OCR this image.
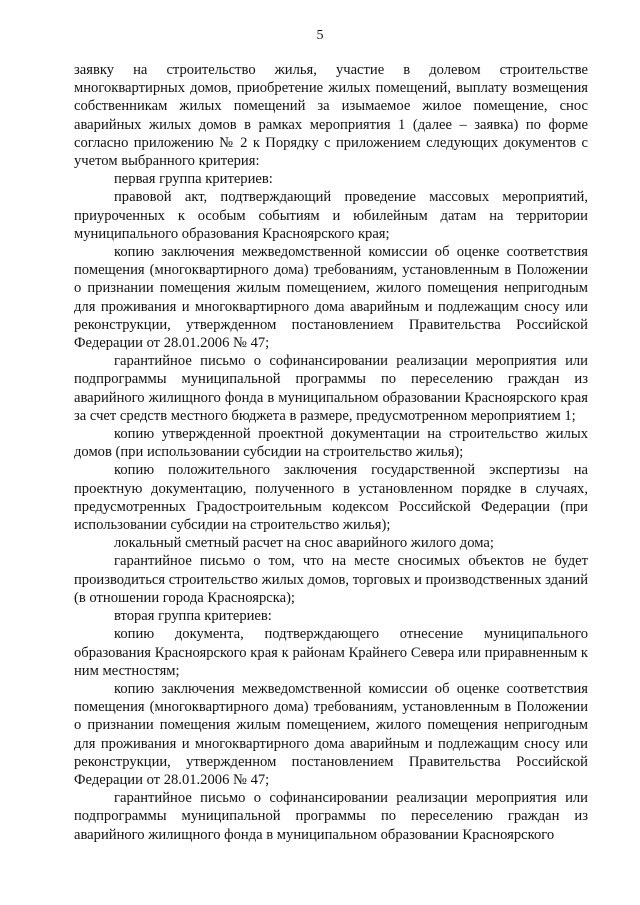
5

заявку на строительство жилья, участие в долевом строительстве многоквартирных домов, приобретение жилых помещений, выплату возмещения собственникам жилых помещений за изымаемое жилое помещение, снос аварийных жилых домов в рамках мероприятия 1 (далее – заявка) по форме согласно приложению № 2 к Порядку с приложением следующих документов с учетом выбранного критерия:

первая группа критериев:

правовой акт, подтверждающий проведение массовых мероприятий, приуроченных к особым событиям и юбилейным датам на территории муниципального образования Красноярского края;

копию заключения межведомственной комиссии об оценке соответствия помещения (многоквартирного дома) требованиям, установленным в Положении о признании помещения жилым помещением, жилого помещения непригодным для проживания и многоквартирного дома аварийным и подлежащим сносу или реконструкции, утвержденном постановлением Правительства Российской Федерации от 28.01.2006 № 47;

гарантийное письмо о софинансировании реализации мероприятия или подпрограммы муниципальной программы по переселению граждан из аварийного жилищного фонда в муниципальном образовании Красноярского края за счет средств местного бюджета в размере, предусмотренном мероприятием 1;

копию утвержденной проектной документации на строительство жилых домов (при использовании субсидии на строительство жилья);

копию положительного заключения государственной экспертизы на проектную документацию, полученного в установленном порядке в случаях, предусмотренных Градостроительным кодексом Российской Федерации (при использовании субсидии на строительство жилья);

локальный сметный расчет на снос аварийного жилого дома;

гарантийное письмо о том, что на месте сносимых объектов не будет производиться строительство жилых домов, торговых и производственных зданий (в отношении города Красноярска);

вторая группа критериев:

копию документа, подтверждающего отнесение муниципального образования Красноярского края к районам Крайнего Севера или приравненным к ним местностям;

копию заключения межведомственной комиссии об оценке соответствия помещения (многоквартирного дома) требованиям, установленным в Положении о признании помещения жилым помещением, жилого помещения непригодным для проживания и многоквартирного дома аварийным и подлежащим сносу или реконструкции, утвержденном постановлением Правительства Российской Федерации от 28.01.2006 № 47;

гарантийное письмо о софинансировании реализации мероприятия или подпрограммы муниципальной программы по переселению граждан из аварийного жилищного фонда в муниципальном образовании Красноярского
